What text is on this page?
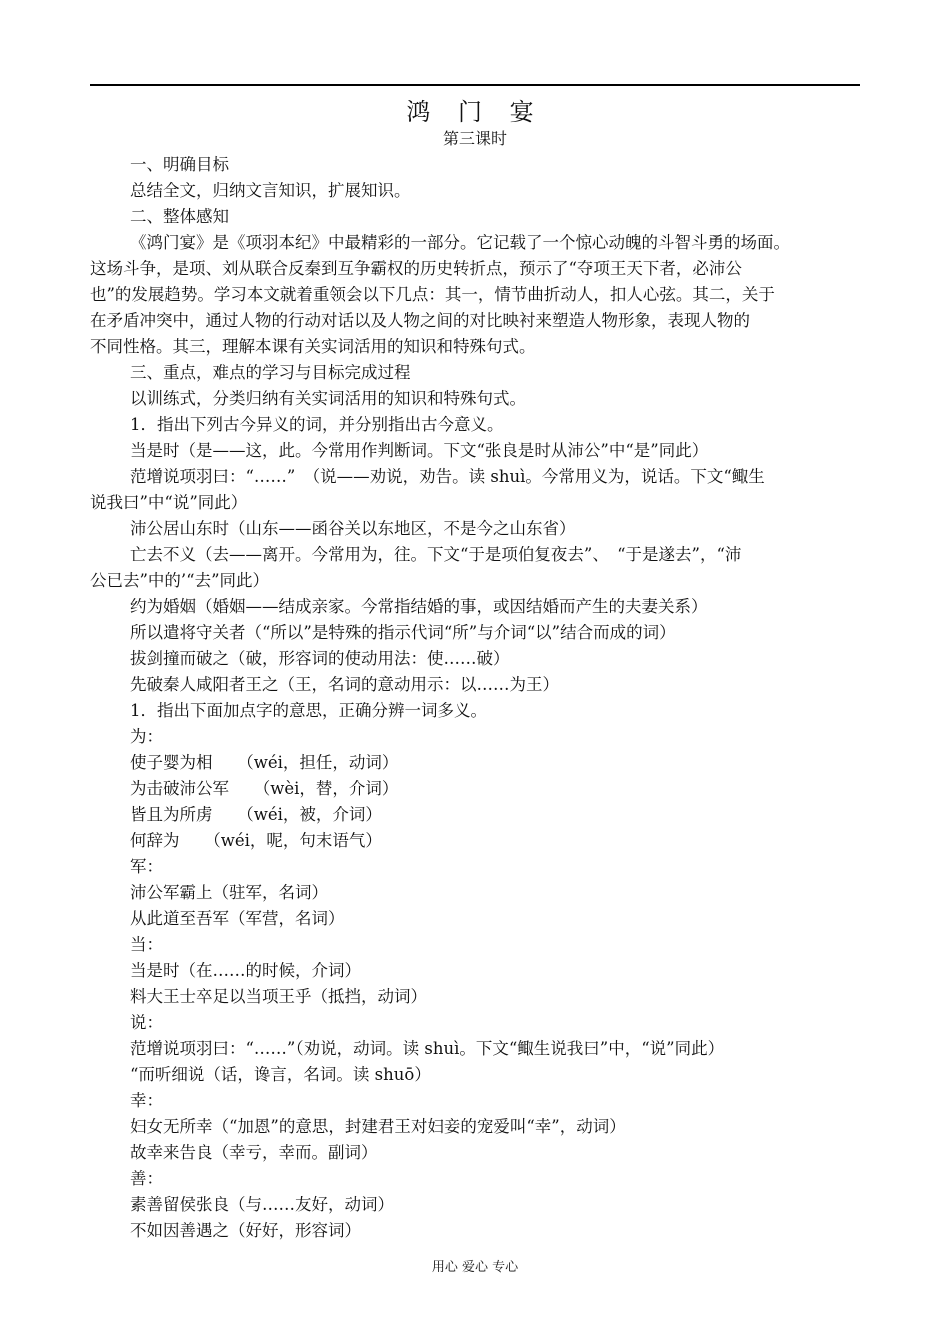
鸿 门 宴
第三课时

一、明确目标

总结全文，归纳文言知识，扩展知识。

二、整体感知

《鸿门宴》是《项羽本纪》中最精彩的一部分。它记载了一个惊心动魄的斗智斗勇的场面。

这场斗争，是项、刘从联合反秦到互争霸权的历史转折点，预示了“夺项王天下者，必沛公

也”的发展趋势。学习本文就着重领会以下几点：其一，情节曲折动人，扣人心弦。其二，关于

在矛盾冲突中，通过人物的行动对话以及人物之间的对比映衬来塑造人物形象，表现人物的

不同性格。其三，理解本课有关实词活用的知识和特殊句式。

三、重点，难点的学习与目标完成过程

以训练式，分类归纳有关实词活用的知识和特殊句式。

1．指出下列古今异义的词，并分别指出古今意义。

当是时（是——这，此。今常用作判断词。下文“张良是时从沛公”中“是”同此）

范增说项羽曰：“……”　（说——劝说，劝告。读 shuì。今常用义为，说话。下文“鲰生

说我曰”中“说”同此）

沛公居山东时（山东——函谷关以东地区，不是今之山东省）

亡去不义（去——离开。今常用为，往。下文“于是项伯复夜去”、　“于是遂去”，“沛

公已去”中的’“去”同此）

约为婚姻（婚姻——结成亲家。今常指结婚的事，或因结婚而产生的夫妻关系）

所以遣将守关者（“所以”是特殊的指示代词“所”与介词“以”结合而成的词）

拔剑撞而破之（破，形容词的使动用法：使……破）

先破秦人咸阳者王之（王，名词的意动用示：以……为王）

1．指出下面加点字的意思，正确分辨一词多义。

为：

使子婴为相　　（wéi，担任，动词）

为击破沛公军　　（wèi，替，介词）

皆且为所虏　　（wéi，被，介词）

何辞为　　（wéi，呢，句末语气）

军：

沛公军霸上（驻军，名词）

从此道至吾军（军营，名词）

当：

当是时（在……的时候，介词）

料大王士卒足以当项王乎（抵挡，动词）

说：

范增说项羽曰：“……”（劝说，动词。读 shuì。下文“鲰生说我曰”中，“说”同此）

“而听细说（话，谗言，名词。读 shuō）

幸：

妇女无所幸（“加恩”的意思，封建君王对妇妾的宠爱叫“幸”，动词）

故幸来告良（幸亏，幸而。副词）

善：

素善留侯张良（与……友好，动词）

不如因善遇之（好好，形容词）

用心 爱心 专心
